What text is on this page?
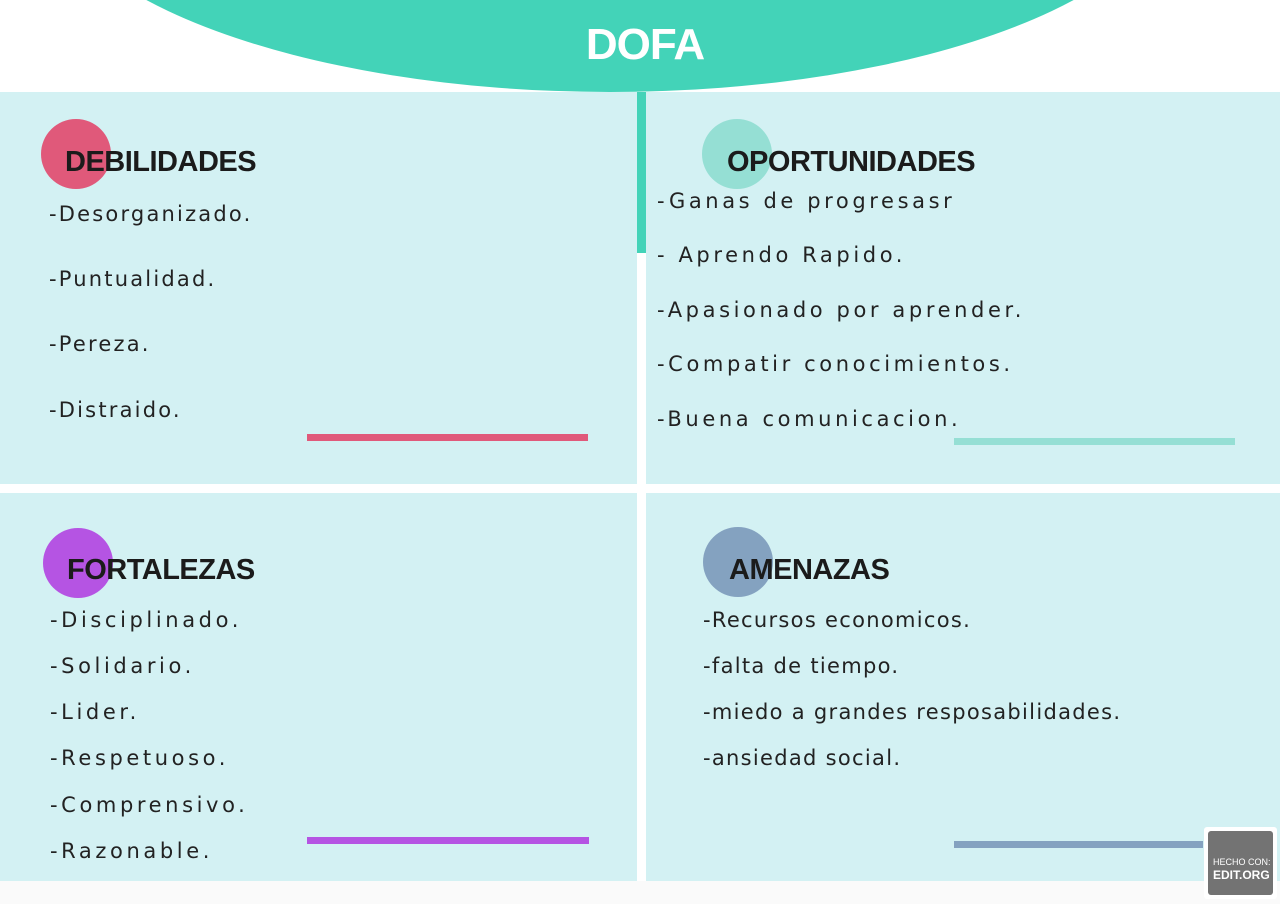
DOFA
DEBILIDADES
-Desorganizado.
-Puntualidad.
-Pereza.
-Distraido.
OPORTUNIDADES
-Ganas de progresasr
- Aprendo Rapido.
-Apasionado por aprender.
-Compatir conocimientos.
-Buena comunicacion.
FORTALEZAS
-Disciplinado.
-Solidario.
-Lider.
-Respetuoso.
-Comprensivo.
-Razonable.
AMENAZAS
-Recursos economicos.
-falta de tiempo.
-miedo a grandes resposabilidades.
-ansiedad social.
HECHO CON:
EDIT.ORG
